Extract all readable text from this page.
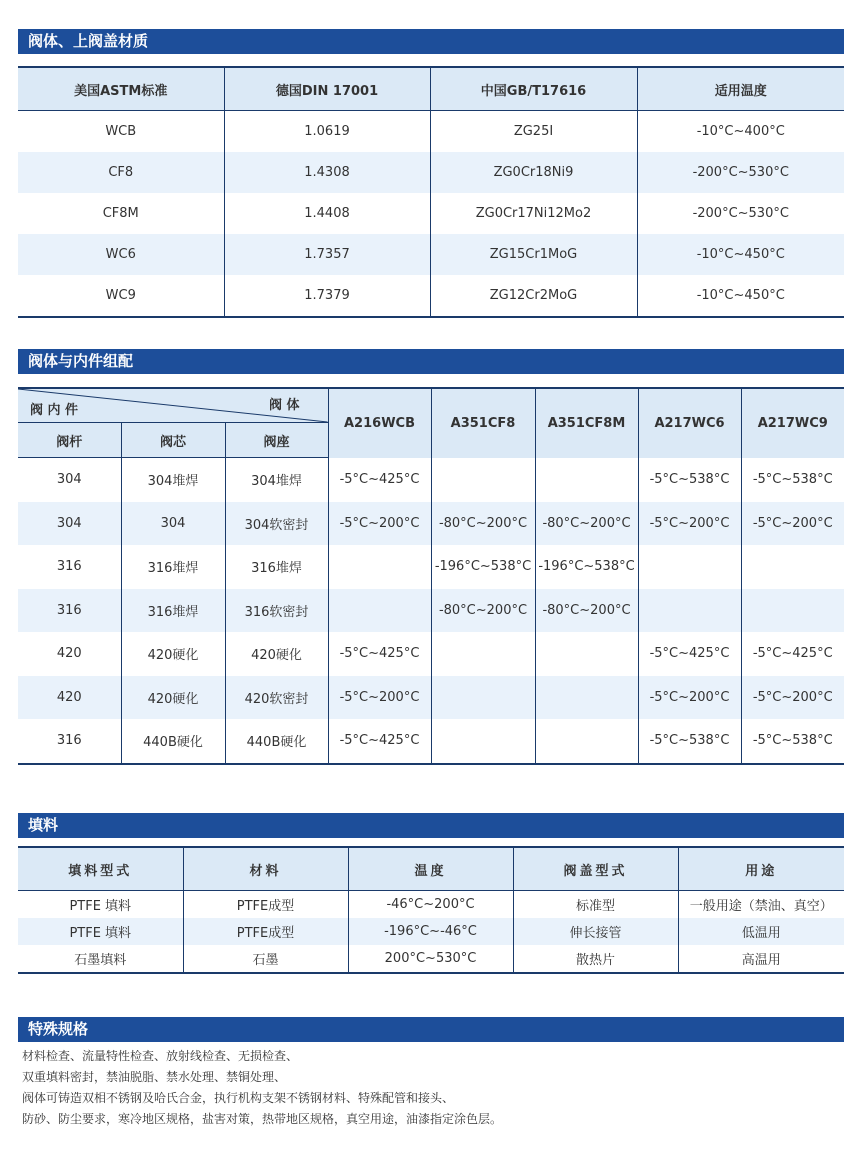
阀体、上阀盖材质
美国ASTM标准	德国DIN 17001	中国GB/T17616	适用温度
WCB	1.0619	ZG25I	-10°C~400°C
CF8	1.4308	ZG0Cr18Ni9	-200°C~530°C
CF8M	1.4408	ZG0Cr17Ni12Mo2	-200°C~530°C
WC6	1.7357	ZG15Cr1MoG	-10°C~450°C
WC9	1.7379	ZG12Cr2MoG	-10°C~450°C
阀体与内件组配
阀 内 件 阀 体			A216WCB	A351CF8	A351CF8M	A217WC6	A217WC9
阀杆	阀芯	阀座					
304	304堆焊	304堆焊	-5°C~425°C			-5°C~538°C	-5°C~538°C
304	304	304软密封	-5°C~200°C	-80°C~200°C	-80°C~200°C	-5°C~200°C	-5°C~200°C
316	316堆焊	316堆焊		-196°C~538°C	-196°C~538°C		
316	316堆焊	316软密封		-80°C~200°C	-80°C~200°C		
420	420硬化	420硬化	-5°C~425°C			-5°C~425°C	-5°C~425°C
420	420硬化	420软密封	-5°C~200°C			-5°C~200°C	-5°C~200°C
316	440B硬化	440B硬化	-5°C~425°C			-5°C~538°C	-5°C~538°C
填料
填料型式	材料	温度	阀盖型式	用途
PTFE 填料	PTFE成型	-46°C~200°C	标准型	一般用途（禁油、真空）
PTFE 填料	PTFE成型	-196°C~-46°C	伸长接管	低温用
石墨填料	石墨	200°C~530°C	散热片	高温用
特殊规格
材料检查、流量特性检查、放射线检查、无损检查、
双重填料密封，禁油脱脂、禁水处理、禁铜处理、
阀体可铸造双相不锈钢及哈氏合金，执行机构支架不锈钢材料、特殊配管和接头、
防砂、防尘要求，寒冷地区规格，盐害对策，热带地区规格，真空用途，油漆指定涂色层。
